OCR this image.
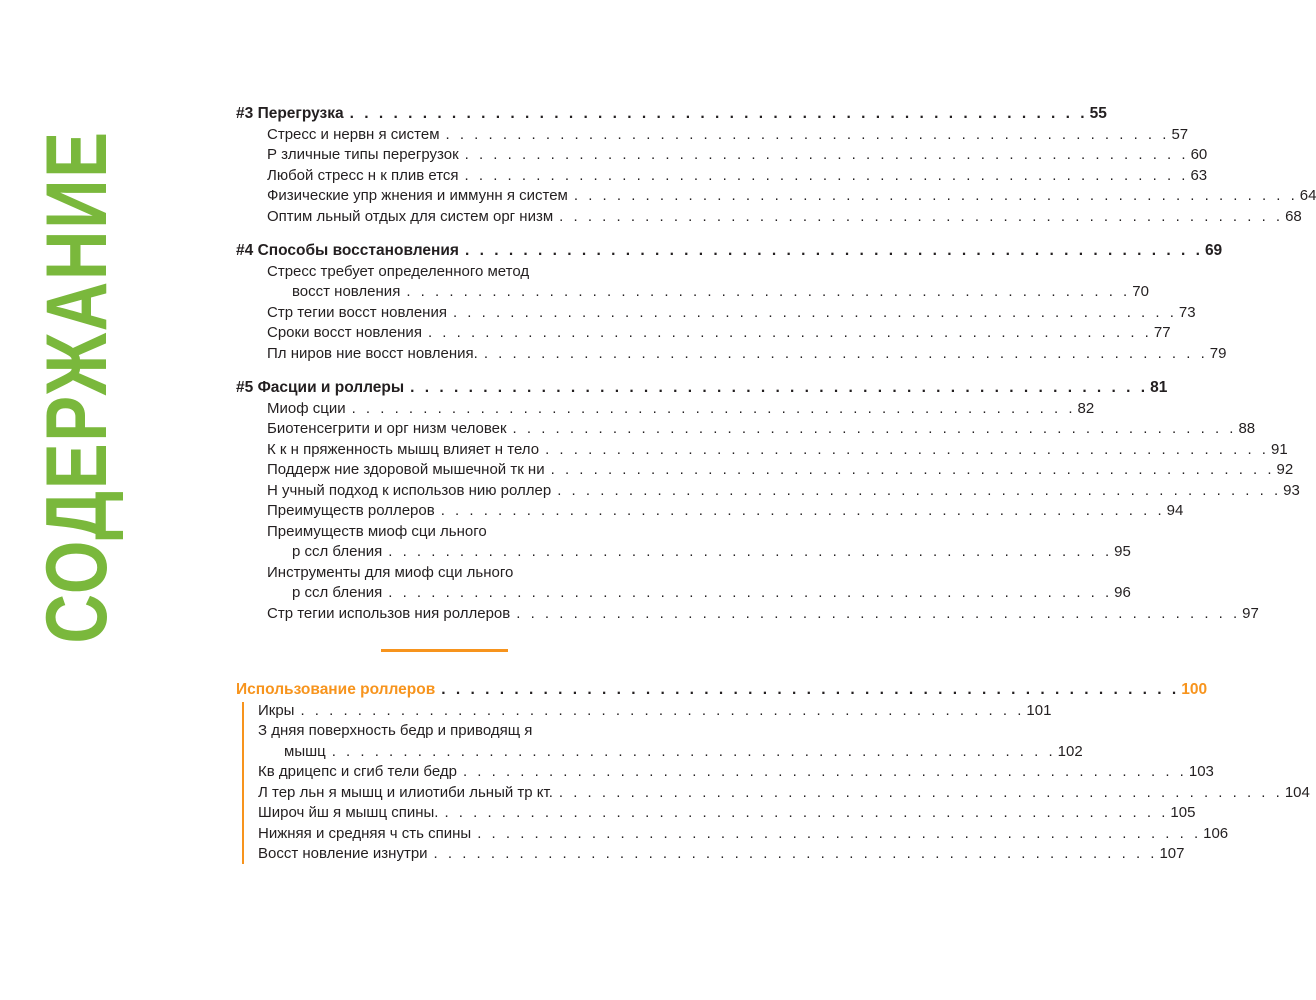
СОДЕРЖАНИЕ
#3 Перегрузка . . . . . . . . . . . . . . . . . . . . . . . . . . . . . . . . . . . . . . . . . . . . . . . . . . . 55
Стресс и нервн я систем . . . . . . . . . . . . . . . . . . . . . . . . . . . . . . . . . . . . . . . . . . . . . . . . . . . 57
Р зличные типы перегрузок . . . . . . . . . . . . . . . . . . . . . . . . . . . . . . . . . . . . . . . . . . . . . . . . . . . 60
Любой стресс н к плив ется . . . . . . . . . . . . . . . . . . . . . . . . . . . . . . . . . . . . . . . . . . . . . . . . . . . 63
Физические упр жнения и иммунн я систем . . . . . . . . . . . . . . . . . . . . . . . . . . . . . . . . . . . . . . . . . . . . . . . . . . . 64
Оптим льный отдых для систем орг низм . . . . . . . . . . . . . . . . . . . . . . . . . . . . . . . . . . . . . . . . . . . . . . . . . . . 68
#4 Способы восстановления . . . . . . . . . . . . . . . . . . . . . . . . . . . . . . . . . . . . . . . . . . . . . . . . . . . 69
Стресс требует определенного метод
восст новления . . . . . . . . . . . . . . . . . . . . . . . . . . . . . . . . . . . . . . . . . . . . . . . . . . . 70
Стр тегии восст новления . . . . . . . . . . . . . . . . . . . . . . . . . . . . . . . . . . . . . . . . . . . . . . . . . . . 73
Сроки восст новления . . . . . . . . . . . . . . . . . . . . . . . . . . . . . . . . . . . . . . . . . . . . . . . . . . . 77
Пл ниров ние восст новления. . . . . . . . . . . . . . . . . . . . . . . . . . . . . . . . . . . . . . . . . . . . . . . . . . . . 79
#5 Фасции и роллеры . . . . . . . . . . . . . . . . . . . . . . . . . . . . . . . . . . . . . . . . . . . . . . . . . . . 81
Миоф сции . . . . . . . . . . . . . . . . . . . . . . . . . . . . . . . . . . . . . . . . . . . . . . . . . . . 82
Биотенсегрити и орг низм человек . . . . . . . . . . . . . . . . . . . . . . . . . . . . . . . . . . . . . . . . . . . . . . . . . . . 88
К к н пряженность мышц влияет н тело . . . . . . . . . . . . . . . . . . . . . . . . . . . . . . . . . . . . . . . . . . . . . . . . . . . 91
Поддерж ние здоровой мышечной тк ни . . . . . . . . . . . . . . . . . . . . . . . . . . . . . . . . . . . . . . . . . . . . . . . . . . . 92
Н учный подход к использов нию роллер . . . . . . . . . . . . . . . . . . . . . . . . . . . . . . . . . . . . . . . . . . . . . . . . . . . 93
Преимуществ роллеров . . . . . . . . . . . . . . . . . . . . . . . . . . . . . . . . . . . . . . . . . . . . . . . . . . . 94
Преимуществ миоф сци льного
р ссл бления . . . . . . . . . . . . . . . . . . . . . . . . . . . . . . . . . . . . . . . . . . . . . . . . . . . 95
Инструменты для миоф сци льного
р ссл бления . . . . . . . . . . . . . . . . . . . . . . . . . . . . . . . . . . . . . . . . . . . . . . . . . . . 96
Стр тегии использов ния роллеров . . . . . . . . . . . . . . . . . . . . . . . . . . . . . . . . . . . . . . . . . . . . . . . . . . . 97
Использование роллеров . . . . . . . . . . . . . . . . . . . . . . . . . . . . . . . . . . . . . . . . . . . . . . . . . . . 100
Икры . . . . . . . . . . . . . . . . . . . . . . . . . . . . . . . . . . . . . . . . . . . . . . . . . . . 101
З дняя поверхность бедр и приводящ я
мышц . . . . . . . . . . . . . . . . . . . . . . . . . . . . . . . . . . . . . . . . . . . . . . . . . . . 102
Кв дрицепс и сгиб тели бедр . . . . . . . . . . . . . . . . . . . . . . . . . . . . . . . . . . . . . . . . . . . . . . . . . . . 103
Л тер льн я мышц и илиотиби льный тр кт. . . . . . . . . . . . . . . . . . . . . . . . . . . . . . . . . . . . . . . . . . . . . . . . . . . . 104
Широч йш я мышц спины. . . . . . . . . . . . . . . . . . . . . . . . . . . . . . . . . . . . . . . . . . . . . . . . . . . . 105
Нижняя и средняя ч сть спины . . . . . . . . . . . . . . . . . . . . . . . . . . . . . . . . . . . . . . . . . . . . . . . . . . . 106
Восст новление изнутри . . . . . . . . . . . . . . . . . . . . . . . . . . . . . . . . . . . . . . . . . . . . . . . . . . . 107
